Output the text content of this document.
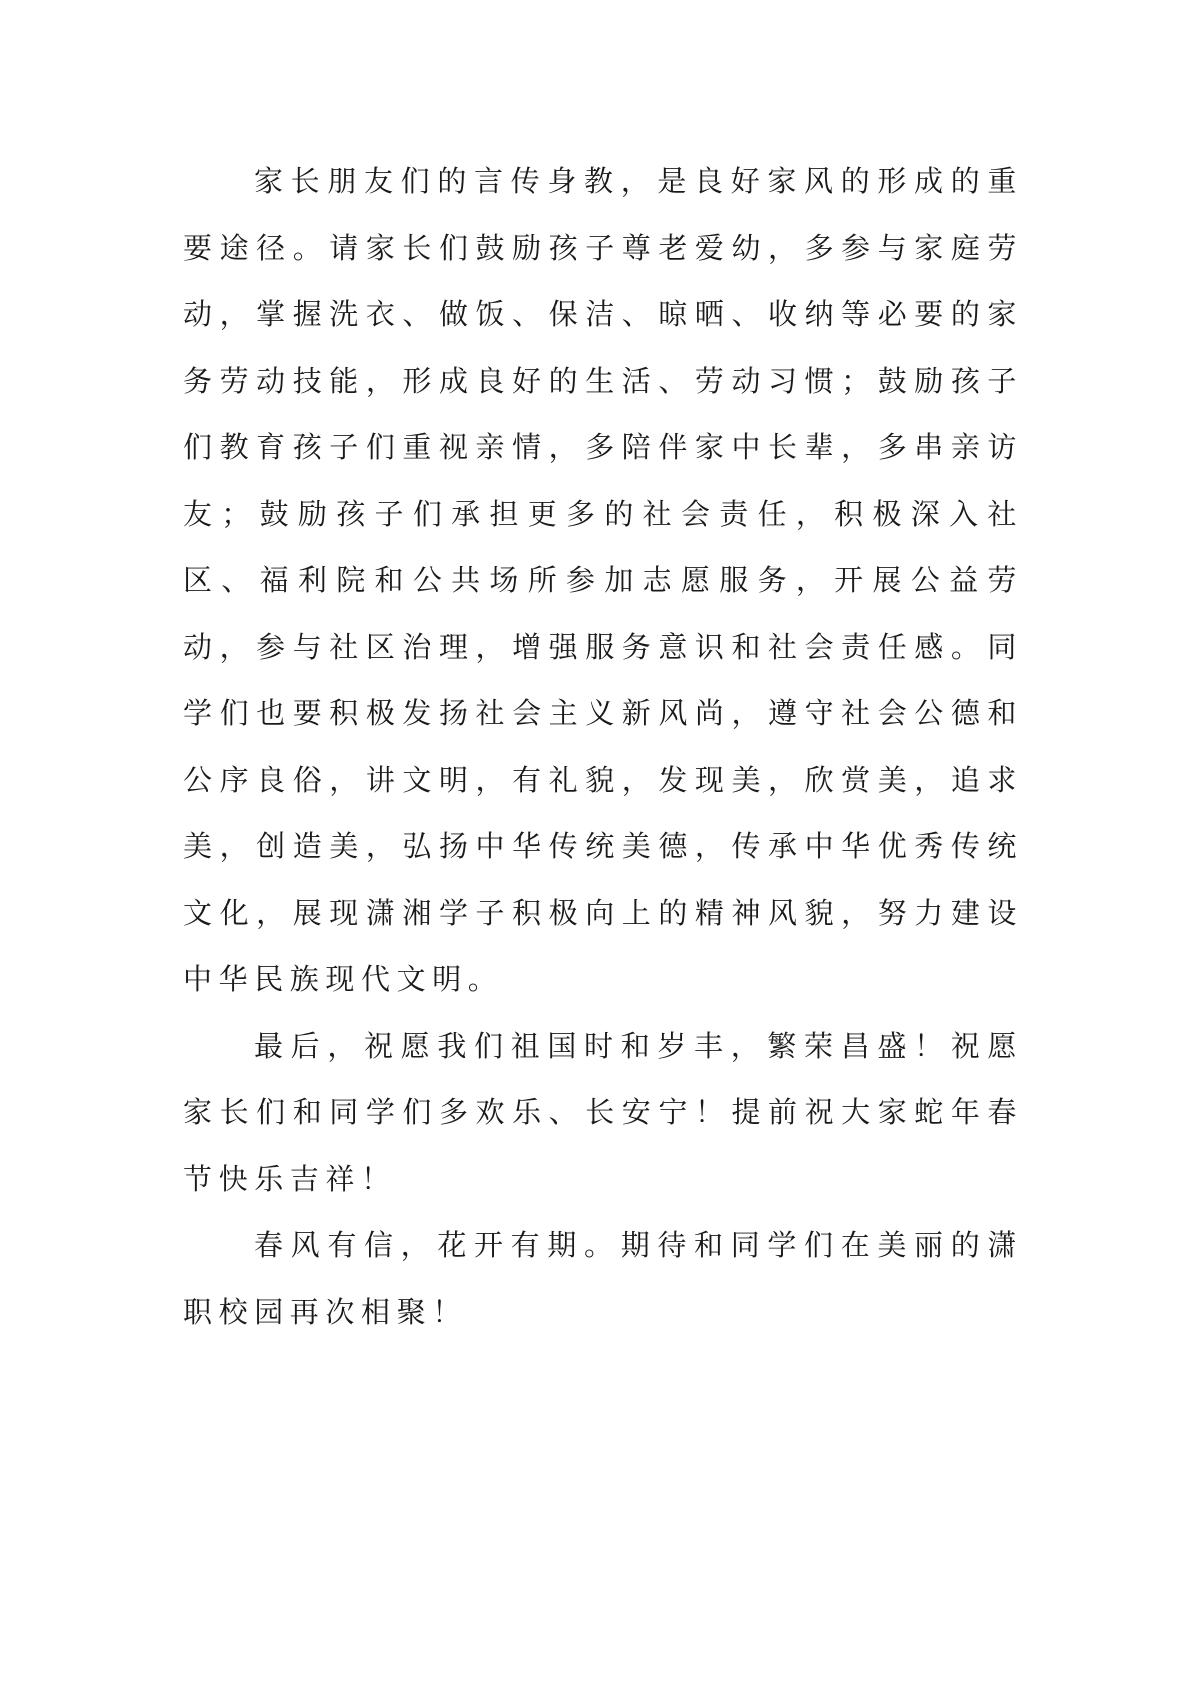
家长朋友们的言传身教，是良好家风的形成的重要途径。请家长们鼓励孩子尊老爱幼，多参与家庭劳动，掌握洗衣、做饭、保洁、晾晒、收纳等必要的家务劳动技能，形成良好的生活、劳动习惯；鼓励孩子们教育孩子们重视亲情，多陪伴家中长辈，多串亲访友；鼓励孩子们承担更多的社会责任，积极深入社区、福利院和公共场所参加志愿服务，开展公益劳动，参与社区治理，增强服务意识和社会责任感。同学们也要积极发扬社会主义新风尚，遵守社会公德和公序良俗，讲文明，有礼貌，发现美，欣赏美，追求美，创造美，弘扬中华传统美德，传承中华优秀传统文化，展现潇湘学子积极向上的精神风貌，努力建设中华民族现代文明。

最后，祝愿我们祖国时和岁丰，繁荣昌盛！祝愿家长们和同学们多欢乐、长安宁！提前祝大家蛇年春节快乐吉祥！

春风有信，花开有期。期待和同学们在美丽的潇职校园再次相聚！
